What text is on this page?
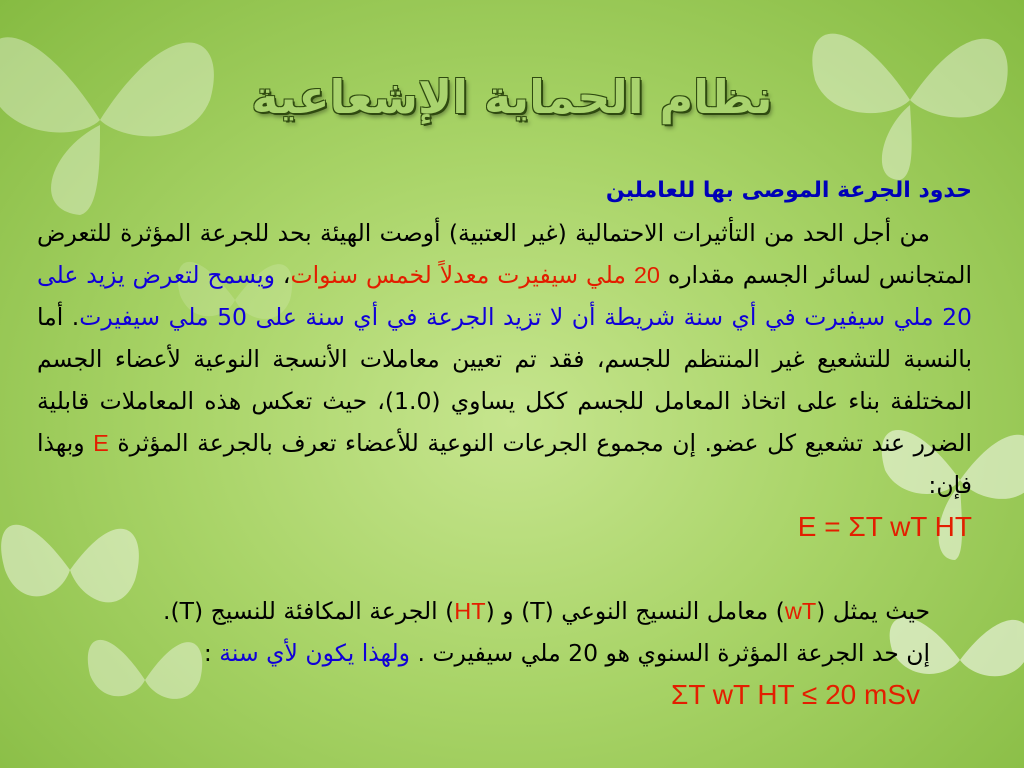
نظام الحماية الإشعاعية

حدود الجرعة الموصى بها للعاملين

من أجل الحد من التأثيرات الاحتمالية (غير العتبية) أوصت الهيئة بحد للجرعة المؤثرة للتعرض المتجانس لسائر الجسم مقداره 20 ملي سيفيرت معدلاً لخمس سنوات، ويسمح لتعرض يزيد على 20 ملي سيفيرت في أي سنة شريطة أن لا تزيد الجرعة في أي سنة على 50 ملي سيفيرت. أما بالنسبة للتشعيع غير المنتظم للجسم، فقد تم تعيين معاملات الأنسجة النوعية لأعضاء الجسم المختلفة بناء على اتخاذ المعامل للجسم ككل يساوي (1.0)، حيث تعكس هذه المعاملات قابلية الضرر عند تشعيع كل عضو. إن مجموع الجرعات النوعية للأعضاء تعرف بالجرعة المؤثرة E وبهذا فإن:

E = ΣT wT HT

حيث يمثل (wT) معامل النسيج النوعي (T) و (HT) الجرعة المكافئة للنسيج (T).

إن حد الجرعة المؤثرة السنوي هو 20 ملي سيفيرت . ولهذا يكون لأي سنة :

ΣT wT HT ≤ 20 mSv
